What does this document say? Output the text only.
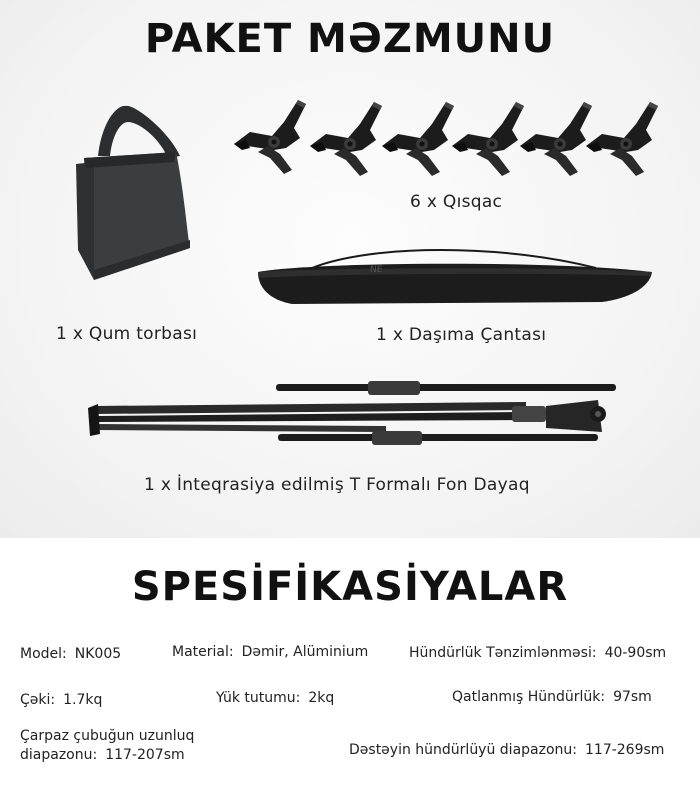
PAKET MƏZMUNU
6 x Qısqac
1 x Qum torbası
NE
1 x Daşıma Çantası
1 x İnteqrasiya edilmiş T Formalı Fon Dayaq
SPESİFİKASİYALAR
Model: NK005	Material: Dəmir, Alüminium	Hündürlük Tənzimlənməsi: 40-90sm
Çəki: 1.7kq	Yük tutumu: 2kq	Qatlanmış Hündürlük: 97sm
Çarpaz çubuğun uzunluq diapazonu: 117-207sm	Dəstəyin hündürlüyü diapazonu: 117-269sm
